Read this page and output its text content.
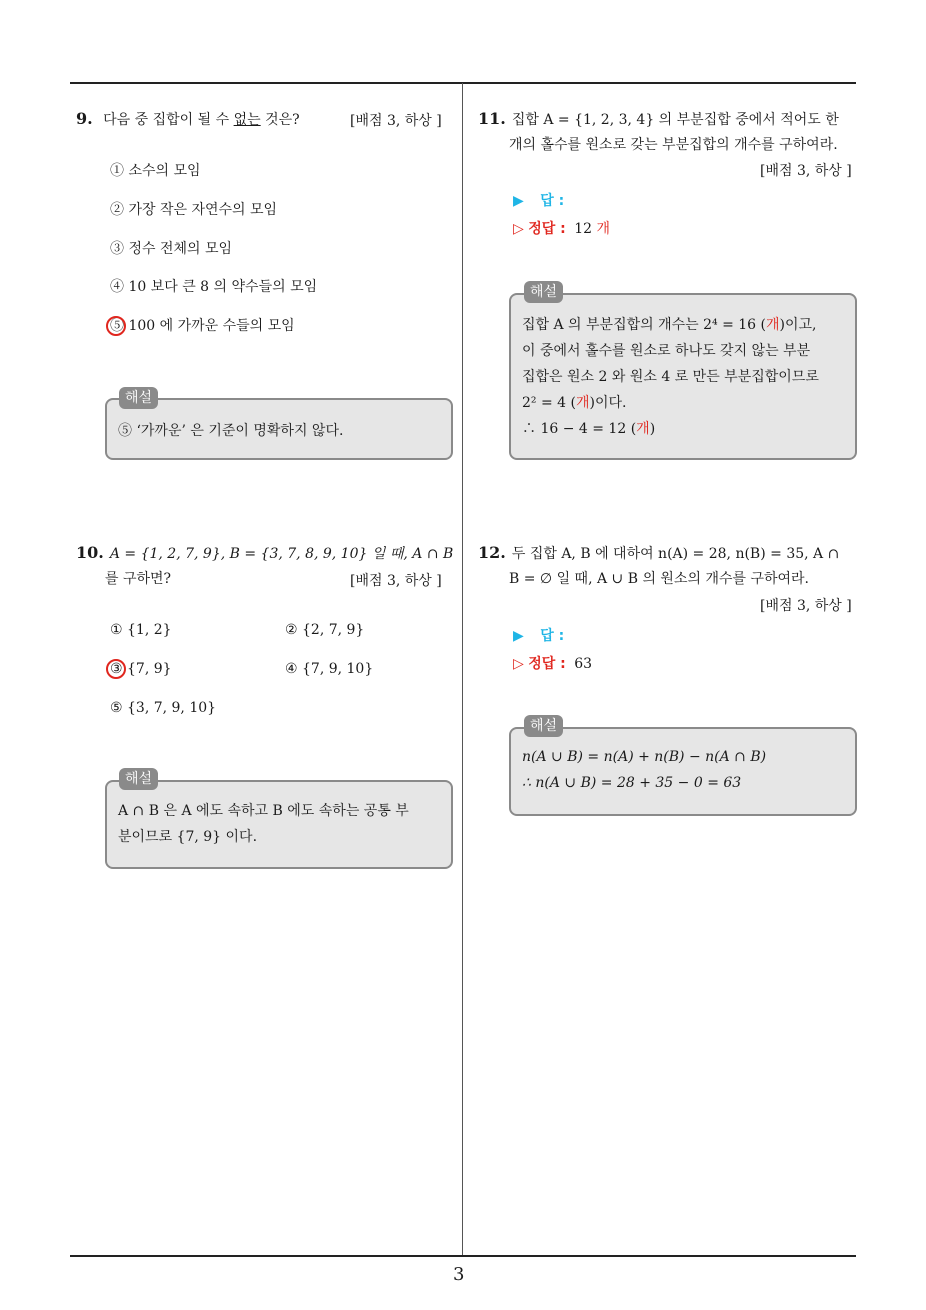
3
9. 다음 중 집합이 될 수 없는 것은?	[배점 3, 하상 ]
① 소수의 모임
② 가장 작은 자연수의 모임
③ 정수 전체의 모임
④ 10 보다 큰 8 의 약수들의 모임
⑤ 100 에 가까운 수들의 모임
해설
⑤ ‘가까운’ 은 기준이 명확하지 않다.
10. A = {1, 2, 7, 9}, B = {3, 7, 8, 9, 10} 일 때, A ∩ B
를 구하면?	[배점 3, 하상 ]
① {1, 2}	② {2, 7, 9}
③ {7, 9}	④ {7, 9, 10}
⑤ {3, 7, 9, 10}
해설
A ∩ B 은 A 에도 속하고 B 에도 속하는 공통 부
분이므로 {7, 9} 이다.
11. 집합 A = {1, 2, 3, 4} 의 부분집합 중에서 적어도 한
개의 홀수를 원소로 갖는 부분집합의 개수를 구하여라.
[배점 3, 하상 ]
▶ 답 :
▷ 정답 : 12 개
해설
집합 A 의 부분집합의 개수는 2⁴ = 16 (개)이고,
이 중에서 홀수를 원소로 하나도 갖지 않는 부분
집합은 원소 2 와 원소 4 로 만든 부분집합이므로
2² = 4 (개)이다.
∴ 16 − 4 = 12 (개)
12. 두 집합 A, B 에 대하여 n(A) = 28, n(B) = 35, A ∩
B = ∅ 일 때, A ∪ B 의 원소의 개수를 구하여라.
[배점 3, 하상 ]
▶ 답 :
▷ 정답 : 63
해설
n(A ∪ B) = n(A) + n(B) − n(A ∩ B)
∴ n(A ∪ B) = 28 + 35 − 0 = 63
